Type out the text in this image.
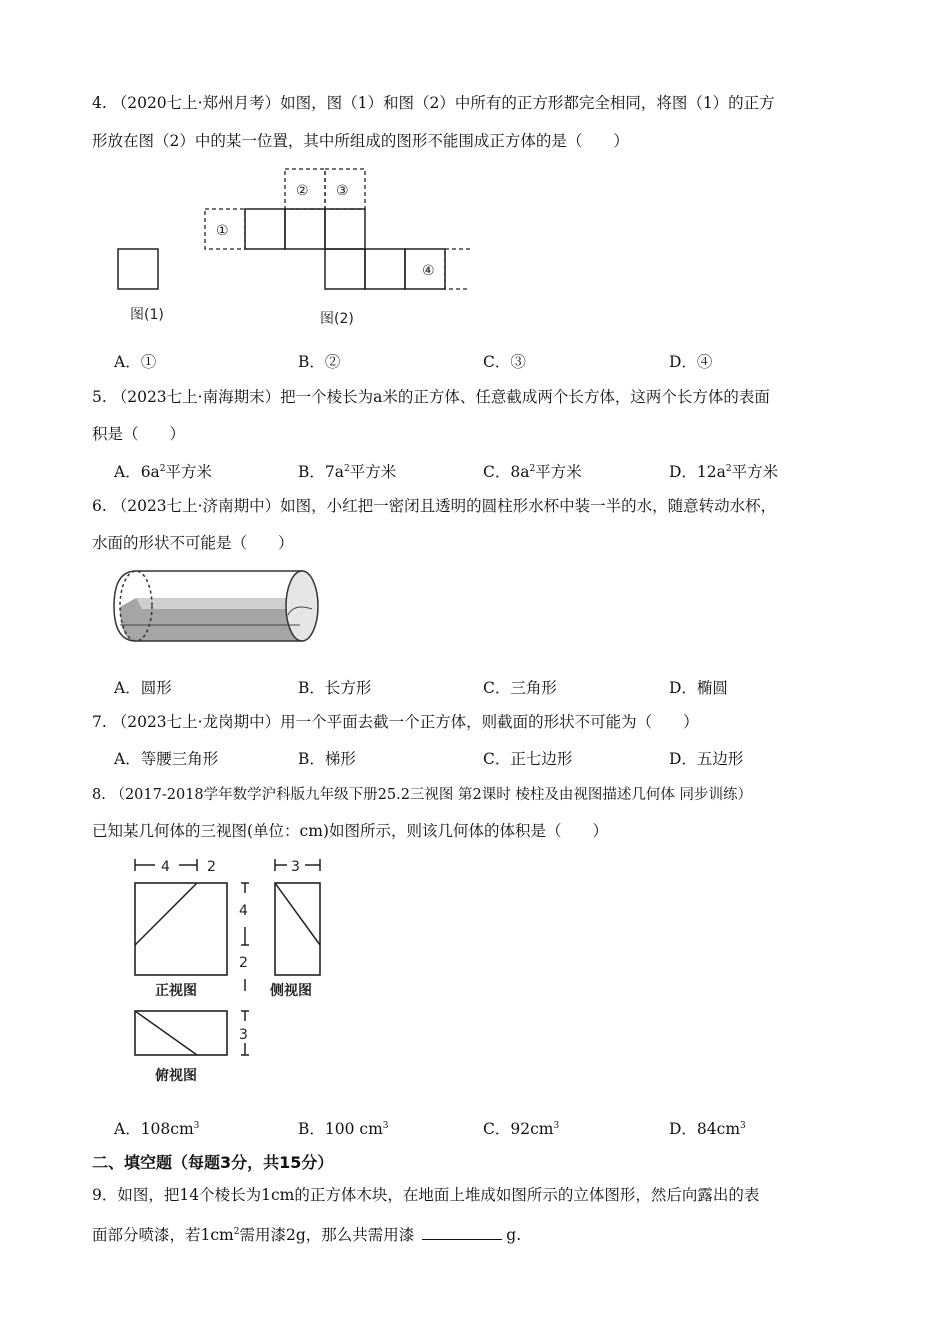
4. （2020七上·郑州月考）如图，图（1）和图（2）中所有的正方形都完全相同，将图（1）的正方
形放在图（2）中的某一位置，其中所组成的图形不能围成正方体的是（　　）
图(1)
①
② ③
④
图(2)
A．①	B．②	C．③	D．④
5. （2023七上·南海期末）把一个棱长为a米的正方体、任意截成两个长方体，这两个长方体的表面
积是（　　）
A．$6a^2$平方米	B．$7a^2$平方米	C．$8a^2$平方米	D．$12a^2$平方米
6. （2023七上·济南期中）如图，小红把一密闭且透明的圆柱形水杯中装一半的水，随意转动水杯，
水面的形状不可能是（　　）
A．圆形	B．长方形	C．三角形	D．椭圆
7. （2023七上·龙岗期中）用一个平面去截一个正方体，则截面的形状不可能为（　　）
A．等腰三角形	B．梯形	C．正七边形	D．五边形
8. （2017-2018学年数学沪科版九年级下册25.2三视图 第2课时 棱柱及由视图描述几何体 同步训练）
已知某几何体的三视图(单位：cm)如图所示，则该几何体的体积是（　　）
4	2
正视图
4
2
3
3
侧视图
俯视图
A．$108cm^3$	B．100 $cm^3$	C．$92cm^3$	D．$84cm^3$
二、填空题（每题3分，共15分）
9．如图，把14个棱长为1cm的正方体木块，在地面上堆成如图所示的立体图形，然后向露出的表
面部分喷漆，若$1cm^2$需用漆2g，那么共需用漆	g.
